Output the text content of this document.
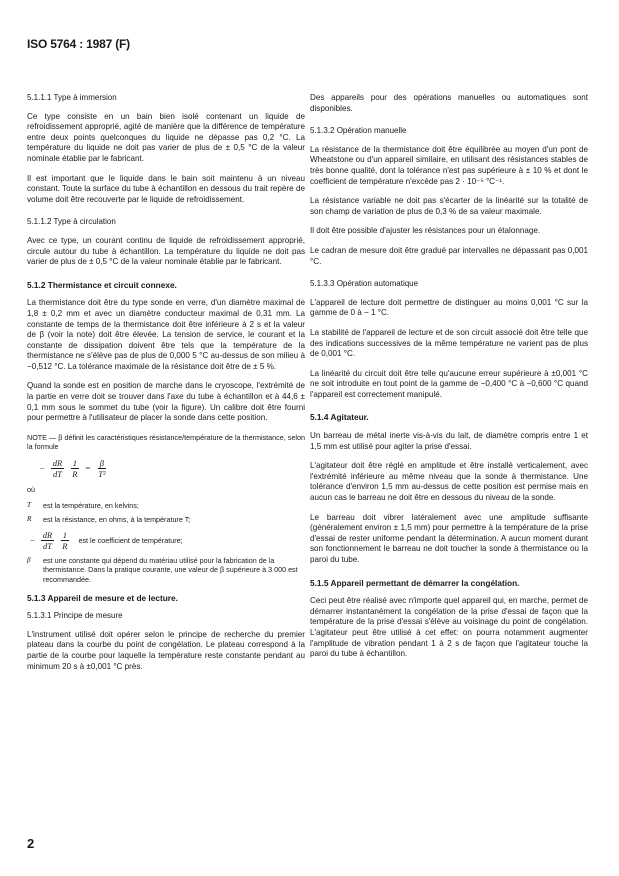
ISO 5764 : 1987 (F)
5.1.1.1 Type à immersion

Ce type consiste en un bain bien isolé contenant un liquide de refroidissement approprié, agité de manière que la différence de température entre deux points quelconques du liquide ne dépasse pas 0,2 °C. La température du liquide ne doit pas varier de plus de ± 0,5 °C de la valeur nominale établie par le fabricant.

Il est important que le liquide dans le bain soit maintenu à un niveau constant. Toute la surface du tube à échantillon en dessous du trait repère de volume doit être recouverte par le liquide de refroidissement.

5.1.1.2 Type à circulation

Avec ce type, un courant continu de liquide de refroidissement approprié, circule autour du tube à échantillon. La température du liquide ne doit pas varier de plus de ± 0,5 °C de la valeur nominale établie par le fabricant.

5.1.2 Thermistance et circuit connexe.

La thermistance doit être du type sonde en verre, d'un diamètre maximal de 1,8 ± 0,2 mm et avec un diamètre conducteur maximal de 0,31 mm. La constante de temps de la thermistance doit être inférieure à 2 s et la valeur de β (voir la note) doit être élevée. La tension de service, le courant et la constante de dissipation doivent être tels que la température de la thermistance ne s'élève pas de plus de 0,000 5 °C au-dessus de son milieu à −0,512 °C. La tolérance maximale de la résistance doit être de ± 5 %.

Quand la sonde est en position de marche dans le cryoscope, l'extrémité de la partie en verre doit se trouver dans l'axe du tube à échantillon et à 44,6 ± 0,1 mm sous le sommet du tube (voir la figure). Un calibre doit être fourni pour permettre à l'utilisateur de placer la sonde dans cette position.

NOTE — β définit les caractéristiques résistance/température de la thermistance, selon la formule

− $\frac{dR}{dT} \frac{1}{R} = \frac{\beta}{\text{T²}}$

où

T	est la température, en kelvins;
R	est la résistance, en ohms, à la température T;
− $\frac{dR}{dT} \frac{1}{R}$ est le coefficient de température;
β	est une constante qui dépend du matériau utilisé pour la fabrication de la thermistance. Dans la pratique courante, une valeur de β supérieure à 3 000 est recommandée.
5.1.3 Appareil de mesure et de lecture.
5.1.3.1 Principe de mesure

L'instrument utilisé doit opérer selon le principe de recherche du premier plateau dans la courbe du point de congélation. Le plateau correspond à la partie de la courbe pour laquelle la température reste constante pendant au minimum 20 s à ±0,001 °C près.

Des appareils pour des opérations manuelles ou automatiques sont disponibles.

5.1.3.2 Opération manuelle

La résistance de la thermistance doit être équilibrée au moyen d'un pont de Wheatstone ou d'un appareil similaire, en utilisant des résistances stables de très bonne qualité, dont la tolérance n'est pas supérieure à ± 10 % et dont le coefficient de température n'excède pas 2 · 10⁻⁵ °C⁻¹.

La résistance variable ne doit pas s'écarter de la linéarité sur la totalité de son champ de variation de plus de 0,3 % de sa valeur maximale.

Il doit être possible d'ajuster les résistances pour un étalonnage.

Le cadran de mesure doit être gradué par intervalles ne dépassant pas 0,001 °C.

5.1.3.3 Opération automatique

L'appareil de lecture doit permettre de distinguer au moins 0,001 °C sur la gamme de 0 à − 1 °C.

La stabilité de l'appareil de lecture et de son circuit associé doit être telle que des indications successives de la même température ne varient pas de plus de 0,001 °C.

La linéarité du circuit doit être telle qu'aucune erreur supérieure à ±0,001 °C ne soit introduite en tout point de la gamme de −0,400 °C à −0,600 °C quand l'appareil est correctement manipulé.

5.1.4 Agitateur.

Un barreau de métal inerte vis-à-vis du lait, de diamètre compris entre 1 et 1,5 mm est utilisé pour agiter la prise d'essai.

L'agitateur doit être réglé en amplitude et être installé verticalement, avec l'extrémité inférieure au même niveau que la sonde à thermistance. Une tolérance d'environ 1,5 mm au-dessus de cette position est permise mais en aucun cas le barreau ne doit être en dessous du niveau de la sonde.

Le barreau doit vibrer latéralement avec une amplitude suffisante (généralement environ ± 1,5 mm) pour permettre à la température de la prise d'essai de rester uniforme pendant la détermination. A aucun moment durant son fonctionnement le barreau ne doit toucher la sonde à thermistance ou la paroi du tube.

5.1.5 Appareil permettant de démarrer la congélation.

Ceci peut être réalisé avec n'importe quel appareil qui, en marche, permet de démarrer instantanément la congélation de la prise d'essai de façon que la température de la prise d'essai s'élève au voisinage du point de congélation. L'agitateur peut être utilisé à cet effet: on pourra notamment augmenter l'amplitude de vibration pendant 1 à 2 s de façon que l'agitateur touche la paroi du tube à échantillon.

2
